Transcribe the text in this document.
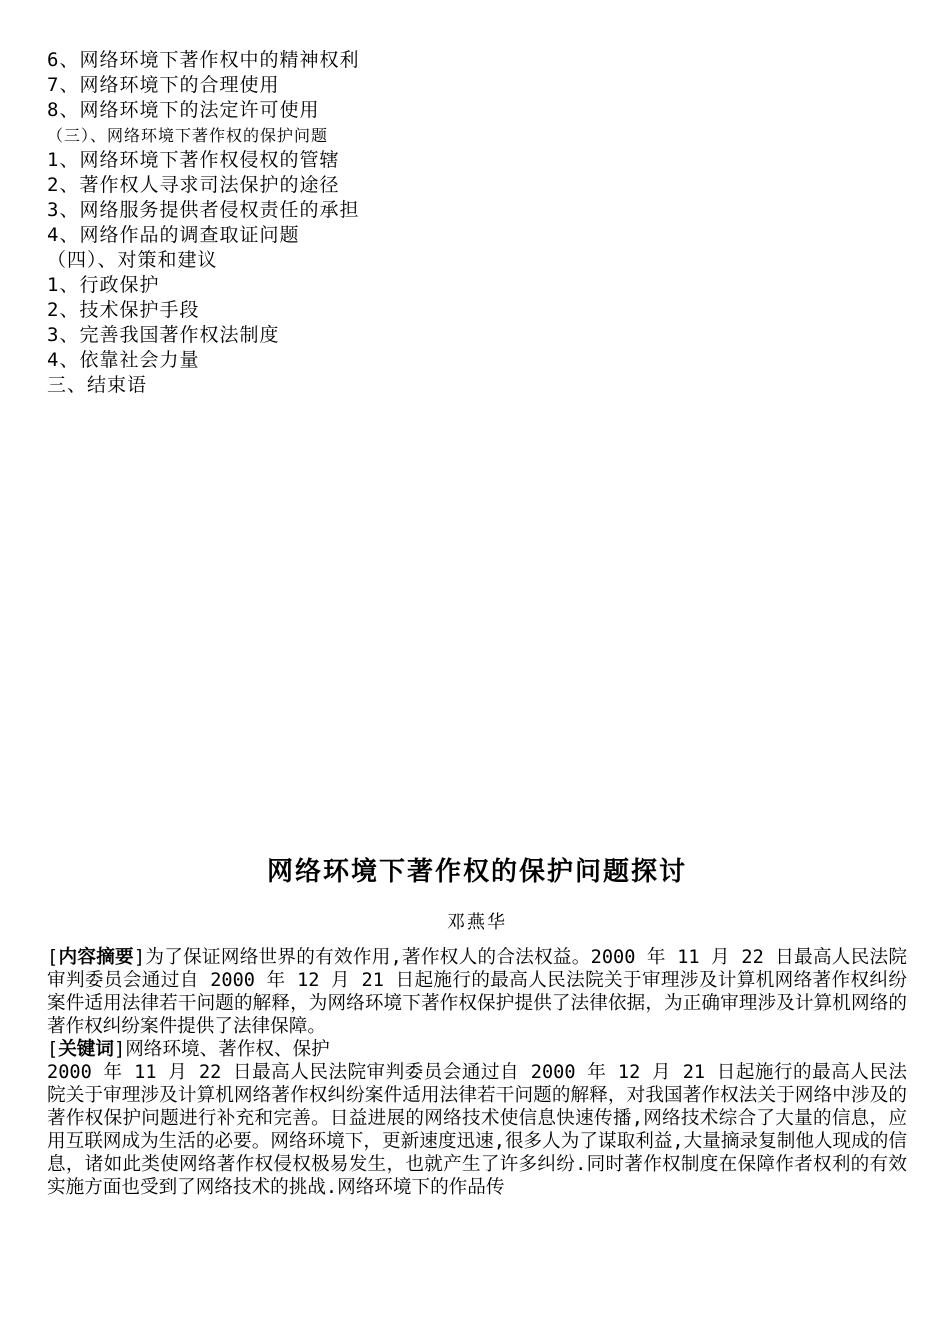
6、网络环境下著作权中的精神权利
7、网络环境下的合理使用
8、网络环境下的法定许可使用
（三）、网络环境下著作权的保护问题
1、网络环境下著作权侵权的管辖
2、著作权人寻求司法保护的途径
3、网络服务提供者侵权责任的承担
4、网络作品的调查取证问题
（四）、对策和建议
1、行政保护
2、技术保护手段
3、完善我国著作权法制度
4、依靠社会力量
三、结束语
网络环境下著作权的保护问题探讨
邓燕华

[内容摘要]为了保证网络世界的有效作用,著作权人的合法权益。2000 年 11 月 22 日最高人民法院审判委员会通过自 2000 年 12 月 21 日起施行的最高人民法院关于审理涉及计算机网络著作权纠纷案件适用法律若干问题的解释，为网络环境下著作权保护提供了法律依据，为正确审理涉及计算机网络的著作权纠纷案件提供了法律保障。

[关键词]网络环境、著作权、保护

2000 年 11 月 22 日最高人民法院审判委员会通过自 2000 年 12 月 21 日起施行的最高人民法院关于审理涉及计算机网络著作权纠纷案件适用法律若干问题的解释，对我国著作权法关于网络中涉及的著作权保护问题进行补充和完善。日益进展的网络技术使信息快速传播,网络技术综合了大量的信息，应用互联网成为生活的必要。网络环境下，更新速度迅速,很多人为了谋取利益,大量摘录复制他人现成的信息，诸如此类使网络著作权侵权极易发生，也就产生了许多纠纷.同时著作权制度在保障作者权利的有效实施方面也受到了网络技术的挑战.网络环境下的作品传
